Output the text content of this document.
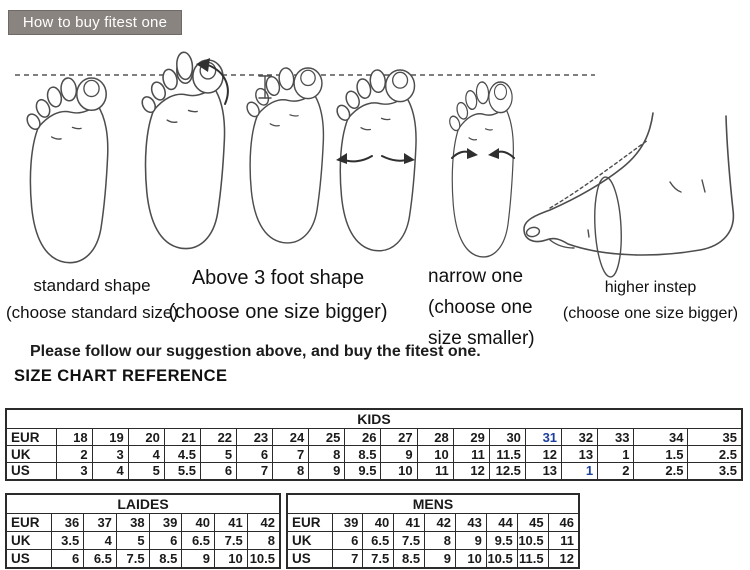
How to buy fitest one
standard shape
(choose standard size)
Above 3 foot shape
(choose one size bigger)
narrow one
(choose one
size smaller)
higher instep
(choose one size bigger)
Please follow our suggestion above, and buy the fitest one.
SIZE CHART REFERENCE
KIDS																		
EUR	18	19	20	21	22	23	24	25	26	27	28	29	30	31	32	33	34	35
UK	2	3	4	4.5	5	6	7	8	8.5	9	10	11	11.5	12	13	1	1.5	2.5
US	3	4	5	5.5	6	7	8	9	9.5	10	11	12	12.5	13	1	2	2.5	3.5
LAIDES							
EUR	36	37	38	39	40	41	42
UK	3.5	4	5	6	6.5	7.5	8
US	6	6.5	7.5	8.5	9	10	10.5
MENS								
EUR	39	40	41	42	43	44	45	46
UK	6	6.5	7.5	8	9	9.5	10.5	11
US	7	7.5	8.5	9	10	10.5	11.5	12
